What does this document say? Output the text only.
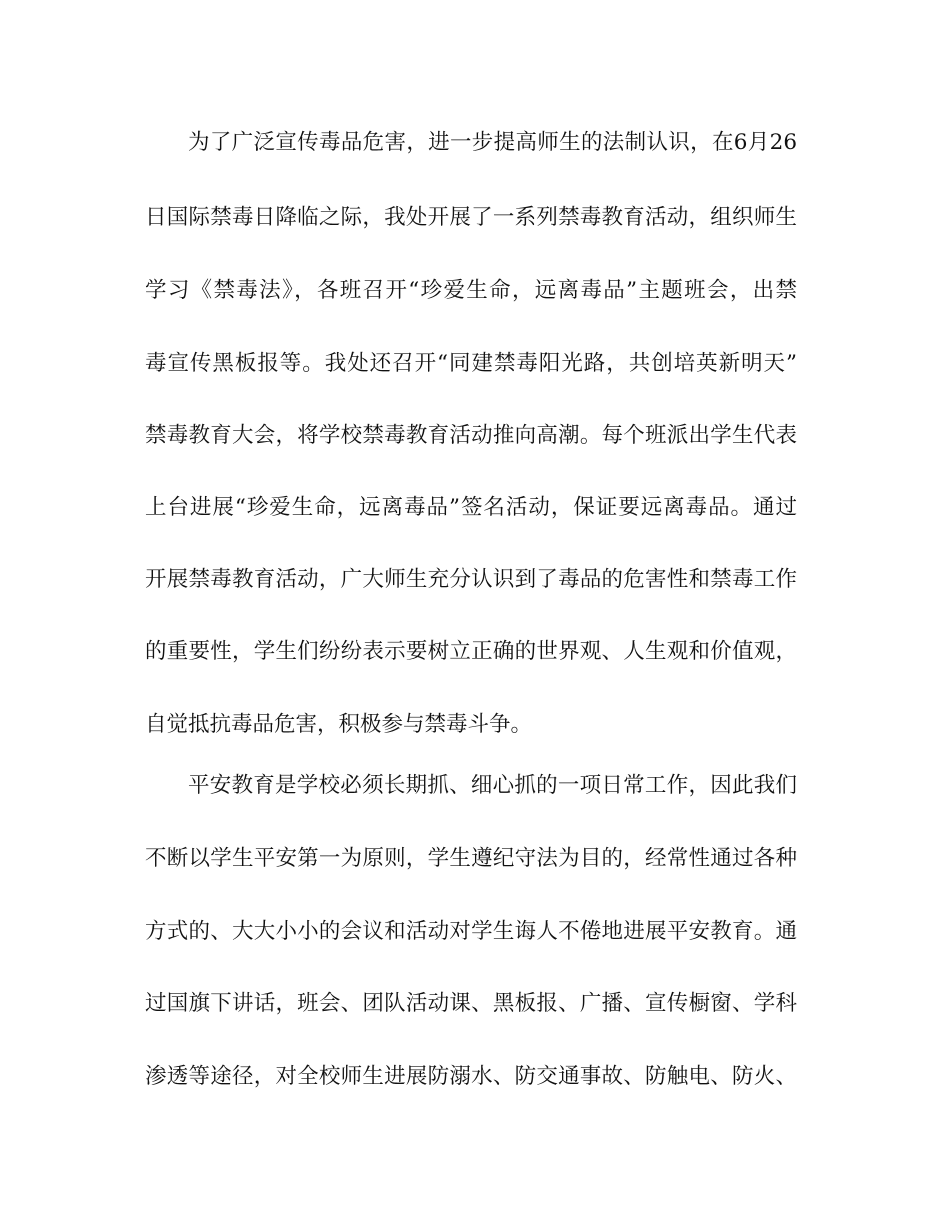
为了广泛宣传毒品危害，进一步提高师生的法制认识，在6月26

日国际禁毒日降临之际，我处开展了一系列禁毒教育活动，组织师生

学习《禁毒法》，各班召开“珍爱生命，远离毒品”主题班会，出禁

毒宣传黑板报等。我处还召开“同建禁毒阳光路，共创培英新明天”

禁毒教育大会，将学校禁毒教育活动推向高潮。每个班派出学生代表

上台进展“珍爱生命，远离毒品”签名活动，保证要远离毒品。通过

开展禁毒教育活动，广大师生充分认识到了毒品的危害性和禁毒工作

的重要性，学生们纷纷表示要树立正确的世界观、人生观和价值观，

自觉抵抗毒品危害，积极参与禁毒斗争。

平安教育是学校必须长期抓、细心抓的一项日常工作，因此我们

不断以学生平安第一为原则，学生遵纪守法为目的，经常性通过各种

方式的、大大小小的会议和活动对学生诲人不倦地进展平安教育。通

过国旗下讲话，班会、团队活动课、黑板报、广播、宣传橱窗、学科

渗透等途径，对全校师生进展防溺水、防交通事故、防触电、防火、
